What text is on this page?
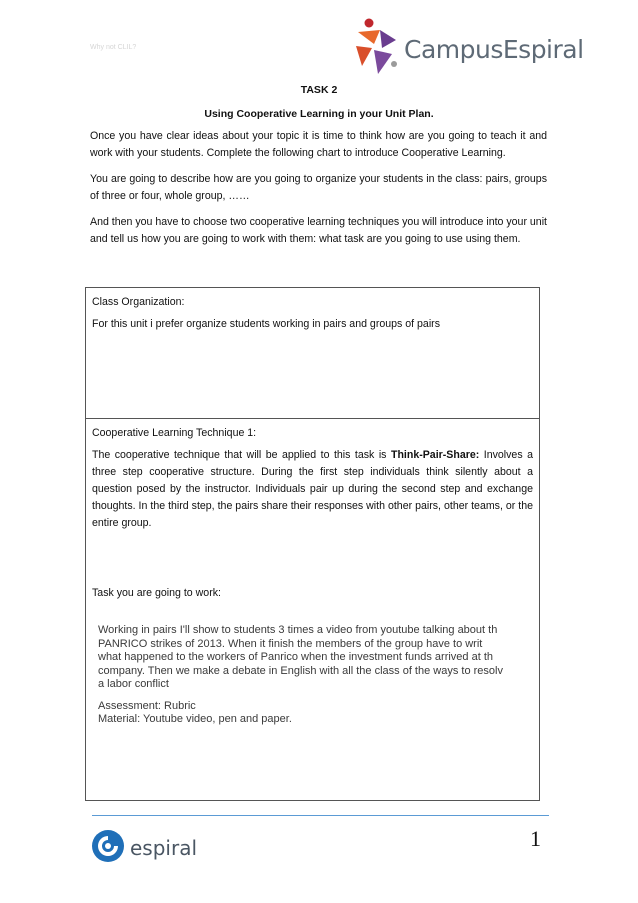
Why not CLIL?	CampusEspiral
TASK 2
Using Cooperative Learning in your Unit Plan.

Once you have clear ideas about your topic it is time to think how are you going to teach it and work with your students. Complete the following chart to introduce Cooperative Learning.

You are going to describe how are you going to organize your students in the class: pairs, groups of three or four, whole group, ……

And then you have to choose two cooperative learning techniques you will introduce into your unit and tell us how you are going to work with them: what task are you going to use using them.

Class Organization:

For this unit i prefer organize students working in pairs and groups of pairs

Cooperative Learning Technique 1:

The cooperative technique that will be applied to this task is Think-Pair-Share: Involves a three step cooperative structure. During the first step individuals think silently about a question posed by the instructor. Individuals pair up during the second step and exchange thoughts. In the third step, the pairs share their responses with other pairs, other teams, or the entire group.

Task you are going to work:
Working in pairs I'll show to students 3 times a video from youtube talking about th
PANRICO strikes of 2013. When it finish the members of the group have to writ
what happened to the workers of Panrico when the investment funds arrived at th
company. Then we make a debate in English with all the class of the ways to resolv
a labor conflict
Assessment: Rubric
Material: Youtube video, pen and paper.
espiral	1
